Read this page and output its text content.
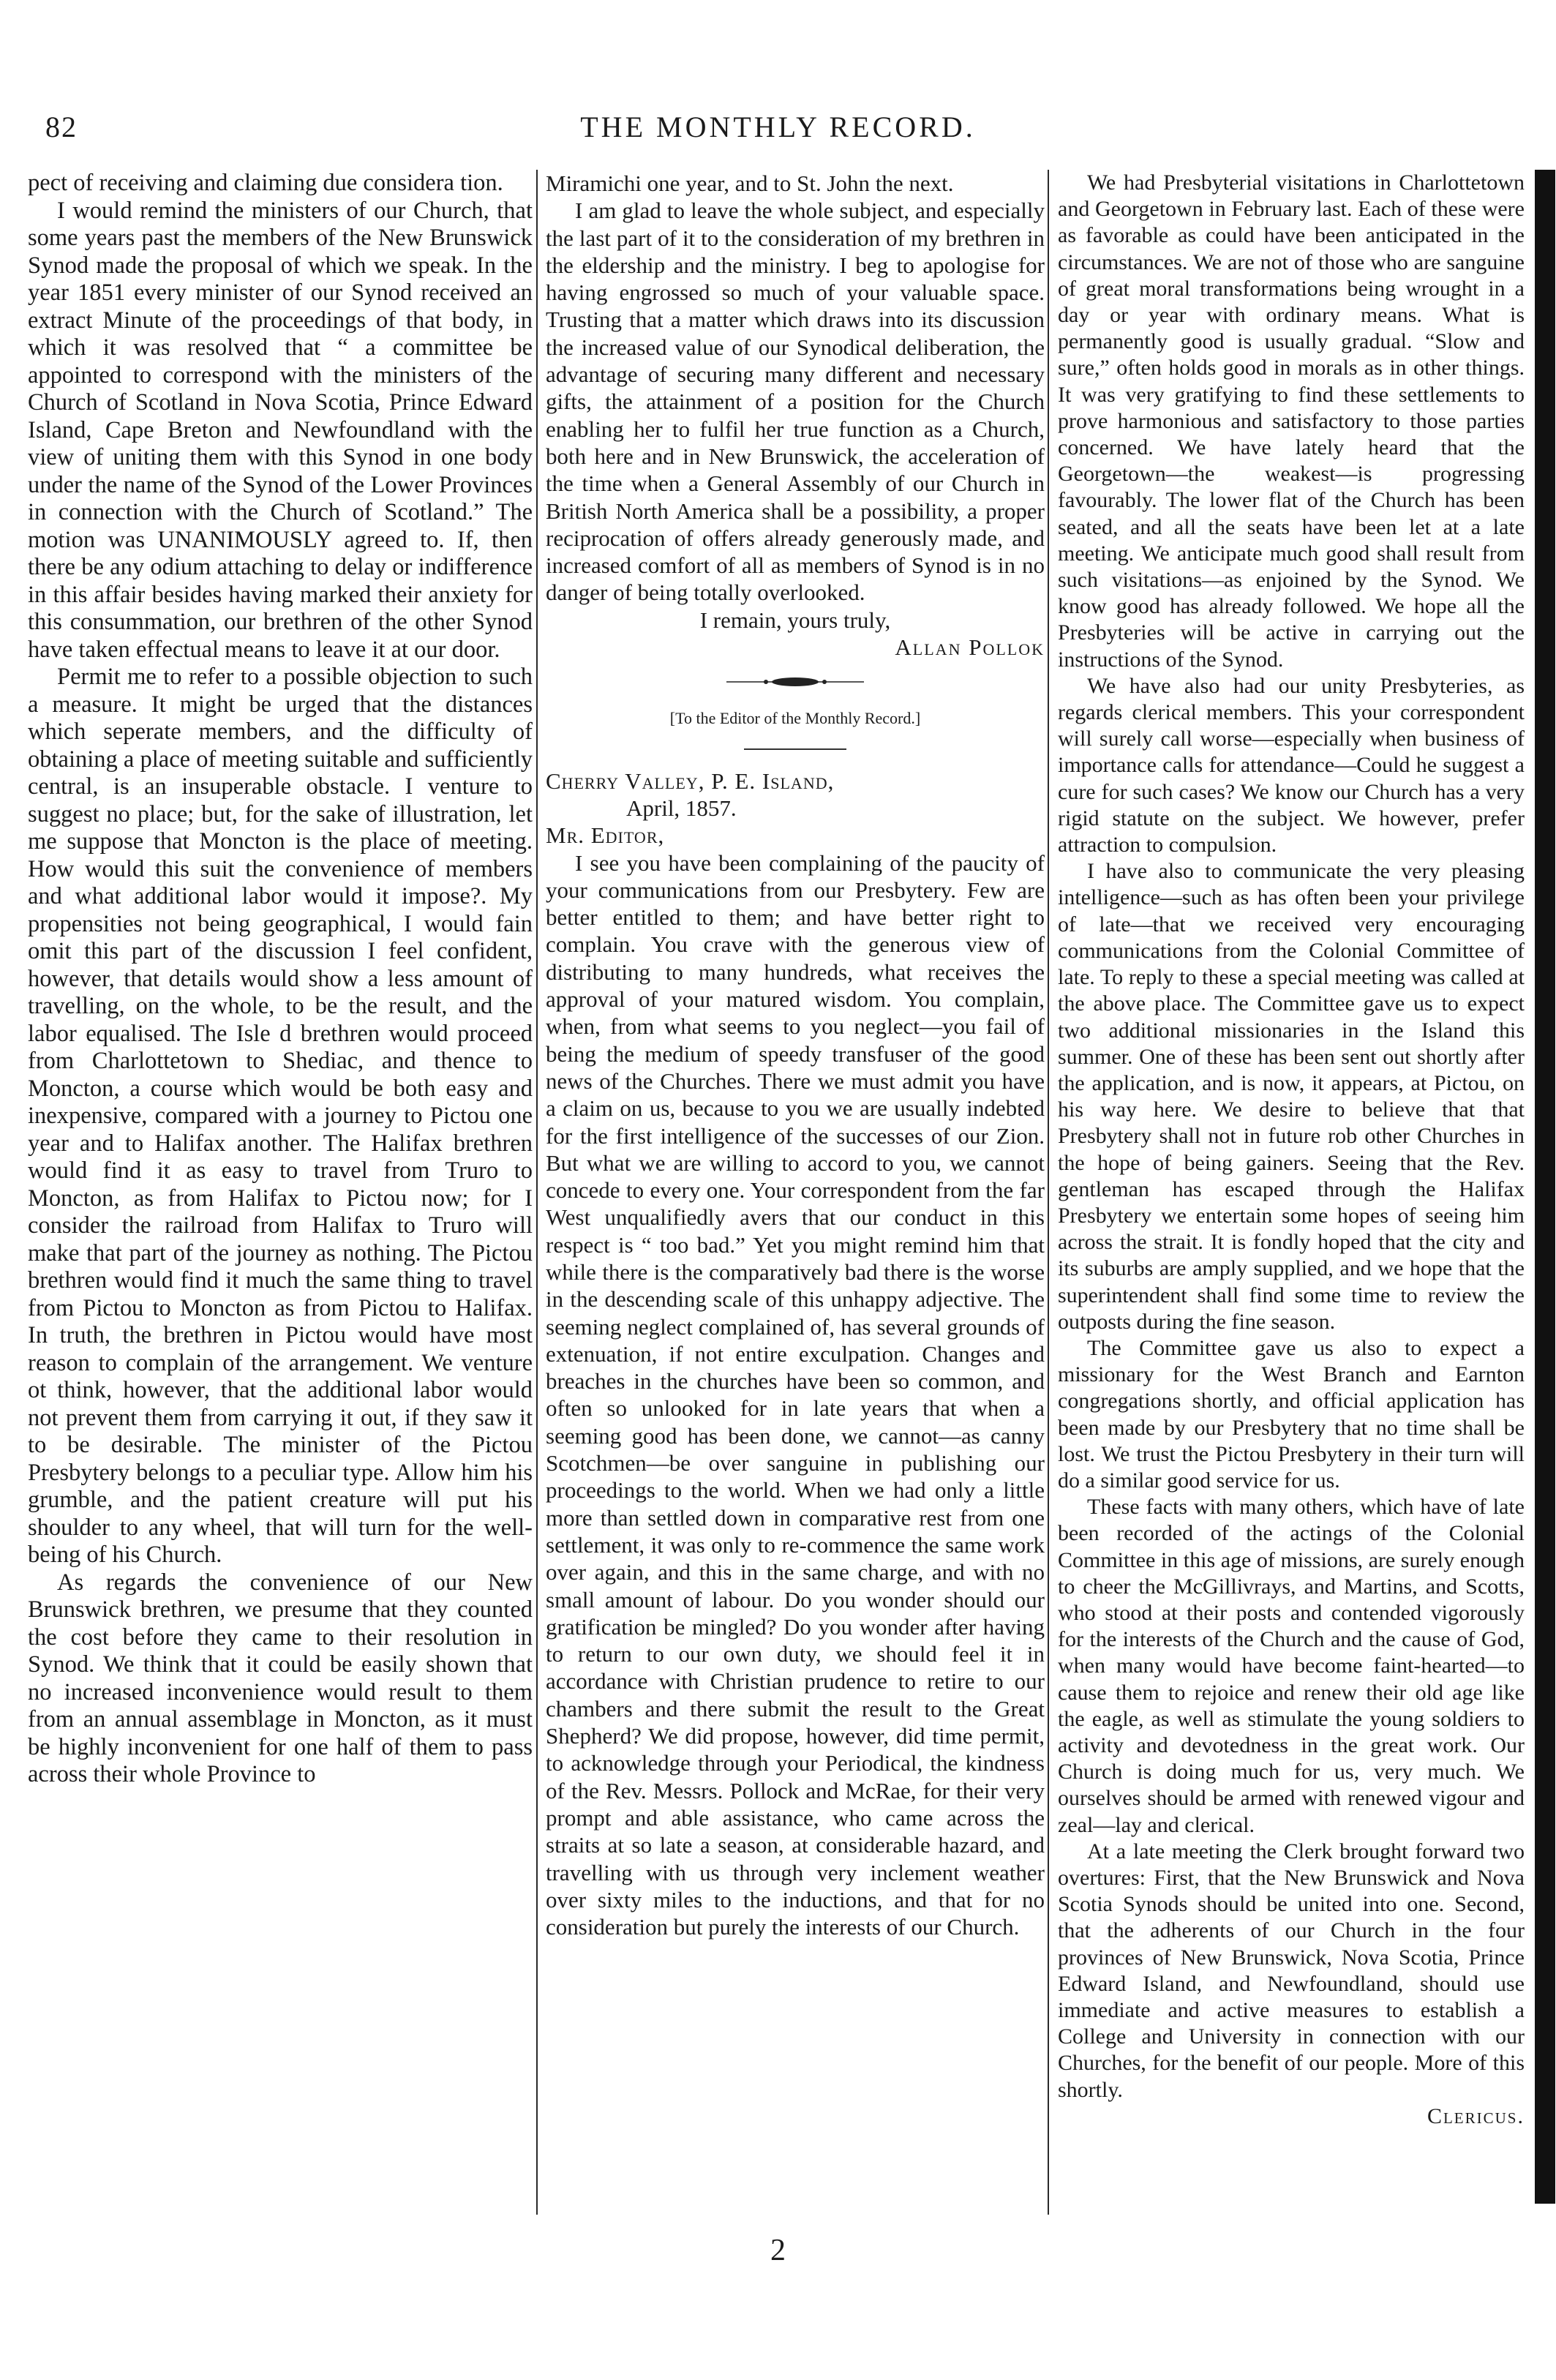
82	THE MONTHLY RECORD.

pect of receiving and claiming due considera tion.

I would remind the ministers of our Church, that some years past the members of the New Brunswick Synod made the proposal of which we speak. In the year 1851 every minister of our Synod received an extract Minute of the proceedings of that body, in which it was resolved that “ a committee be appointed to correspond with the ministers of the Church of Scotland in Nova Scotia, Prince Edward Island, Cape Breton and Newfoundland with the view of uniting them with this Synod in one body under the name of the Synod of the Lower Provinces in connection with the Church of Scotland.” The motion was UNANIMOUSLY agreed to. If, then there be any odium attaching to delay or indifference in this affair besides having marked their anxiety for this consummation, our brethren of the other Synod have taken effectual means to leave it at our door.

Permit me to refer to a possible objection to such a measure. It might be urged that the distances which seperate members, and the difficulty of obtaining a place of meeting suitable and sufficiently central, is an insuperable obstacle. I venture to suggest no place; but, for the sake of illustration, let me suppose that Moncton is the place of meeting. How would this suit the convenience of members and what additional labor would it impose?. My propensities not being geographical, I would fain omit this part of the discussion I feel confident, however, that details would show a less amount of travelling, on the whole, to be the result, and the labor equalised. The Isle d brethren would proceed from Charlottetown to Shediac, and thence to Moncton, a course which would be both easy and inexpensive, compared with a journey to Pictou one year and to Halifax another. The Halifax brethren would find it as easy to travel from Truro to Moncton, as from Halifax to Pictou now; for I consider the railroad from Halifax to Truro will make that part of the journey as nothing. The Pictou brethren would find it much the same thing to travel from Pictou to Moncton as from Pictou to Halifax. In truth, the brethren in Pictou would have most reason to complain of the arrangement. We venture ot think, however, that the additional labor would not prevent them from carrying it out, if they saw it to be desirable. The minister of the Pictou Presbytery belongs to a peculiar type. Allow him his grumble, and the patient creature will put his shoulder to any wheel, that will turn for the well-being of his Church.

As regards the convenience of our New Brunswick brethren, we presume that they counted the cost before they came to their resolution in Synod. We think that it could be easily shown that no increased inconvenience would result to them from an annual assemblage in Moncton, as it must be highly inconvenient for one half of them to pass across their whole Province to

Miramichi one year, and to St. John the next.

I am glad to leave the whole subject, and especially the last part of it to the consideration of my brethren in the eldership and the ministry. I beg to apologise for having engrossed so much of your valuable space. Trusting that a matter which draws into its discussion the increased value of our Synodical deliberation, the advantage of securing many different and necessary gifts, the attainment of a position for the Church enabling her to fulfil her true function as a Church, both here and in New Brunswick, the acceleration of the time when a General Assembly of our Church in British North America shall be a possibility, a proper reciprocation of offers already generously made, and increased comfort of all as members of Synod is in no danger of being totally overlooked.

I remain, yours truly,

Allan Pollok

[To the Editor of the Monthly Record.]

Cherry Valley, P. E. Island,

April, 1857.

Mr. Editor,

I see you have been complaining of the paucity of your communications from our Presbytery. Few are better entitled to them; and have better right to complain. You crave with the generous view of distributing to many hundreds, what receives the approval of your matured wisdom. You complain, when, from what seems to you neglect—you fail of being the medium of speedy transfuser of the good news of the Churches. There we must admit you have a claim on us, because to you we are usually indebted for the first intelligence of the successes of our Zion. But what we are willing to accord to you, we cannot concede to every one. Your correspondent from the far West unqualifiedly avers that our conduct in this respect is “ too bad.” Yet you might remind him that while there is the comparatively bad there is the worse in the descending scale of this unhappy adjective. The seeming neglect complained of, has several grounds of extenuation, if not entire exculpation. Changes and breaches in the churches have been so common, and often so unlooked for in late years that when a seeming good has been done, we cannot—as canny Scotchmen—be over sanguine in publishing our proceedings to the world. When we had only a little more than settled down in comparative rest from one settlement, it was only to re-commence the same work over again, and this in the same charge, and with no small amount of labour. Do you wonder should our gratification be mingled? Do you wonder after having to return to our own duty, we should feel it in accordance with Christian prudence to retire to our chambers and there submit the result to the Great Shepherd? We did propose, however, did time permit, to acknowledge through your Periodical, the kindness of the Rev. Messrs. Pollock and McRae, for their very prompt and able assistance, who came across the straits at so late a season, at considerable hazard, and travelling with us through very inclement weather over sixty miles to the inductions, and that for no consideration but purely the interests of our Church.

We had Presbyterial visitations in Charlottetown and Georgetown in February last. Each of these were as favorable as could have been anticipated in the circumstances. We are not of those who are sanguine of great moral transformations being wrought in a day or year with ordinary means. What is permanently good is usually gradual. “Slow and sure,” often holds good in morals as in other things. It was very gratifying to find these settlements to prove harmonious and satisfactory to those parties concerned. We have lately heard that the Georgetown—the weakest—is progressing favourably. The lower flat of the Church has been seated, and all the seats have been let at a late meeting. We anticipate much good shall result from such visitations—as enjoined by the Synod. We know good has already followed. We hope all the Presbyteries will be active in carrying out the instructions of the Synod.

We have also had our unity Presbyteries, as regards clerical members. This your correspondent will surely call worse—especially when business of importance calls for attendance—Could he suggest a cure for such cases? We know our Church has a very rigid statute on the subject. We however, prefer attraction to compulsion.

I have also to communicate the very pleasing intelligence—such as has often been your privilege of late—that we received very encouraging communications from the Colonial Committee of late. To reply to these a special meeting was called at the above place. The Committee gave us to expect two additional missionaries in the Island this summer. One of these has been sent out shortly after the application, and is now, it appears, at Pictou, on his way here. We desire to believe that that Presbytery shall not in future rob other Churches in the hope of being gainers. Seeing that the Rev. gentleman has escaped through the Halifax Presbytery we entertain some hopes of seeing him across the strait. It is fondly hoped that the city and its suburbs are amply supplied, and we hope that the superintendent shall find some time to review the outposts during the fine season.

The Committee gave us also to expect a missionary for the West Branch and Earnton congregations shortly, and official application has been made by our Presbytery that no time shall be lost. We trust the Pictou Presbytery in their turn will do a similar good service for us.

These facts with many others, which have of late been recorded of the actings of the Colonial Committee in this age of missions, are surely enough to cheer the McGillivrays, and Martins, and Scotts, who stood at their posts and contended vigorously for the interests of the Church and the cause of God, when many would have become faint-hearted—to cause them to rejoice and renew their old age like the eagle, as well as stimulate the young soldiers to activity and devotedness in the great work. Our Church is doing much for us, very much. We ourselves should be armed with renewed vigour and zeal—lay and clerical.

At a late meeting the Clerk brought forward two overtures: First, that the New Brunswick and Nova Scotia Synods should be united into one. Second, that the adherents of our Church in the four provinces of New Brunswick, Nova Scotia, Prince Edward Island, and Newfoundland, should use immediate and active measures to establish a College and University in connection with our Churches, for the benefit of our people. More of this shortly.

Clericus.

2
